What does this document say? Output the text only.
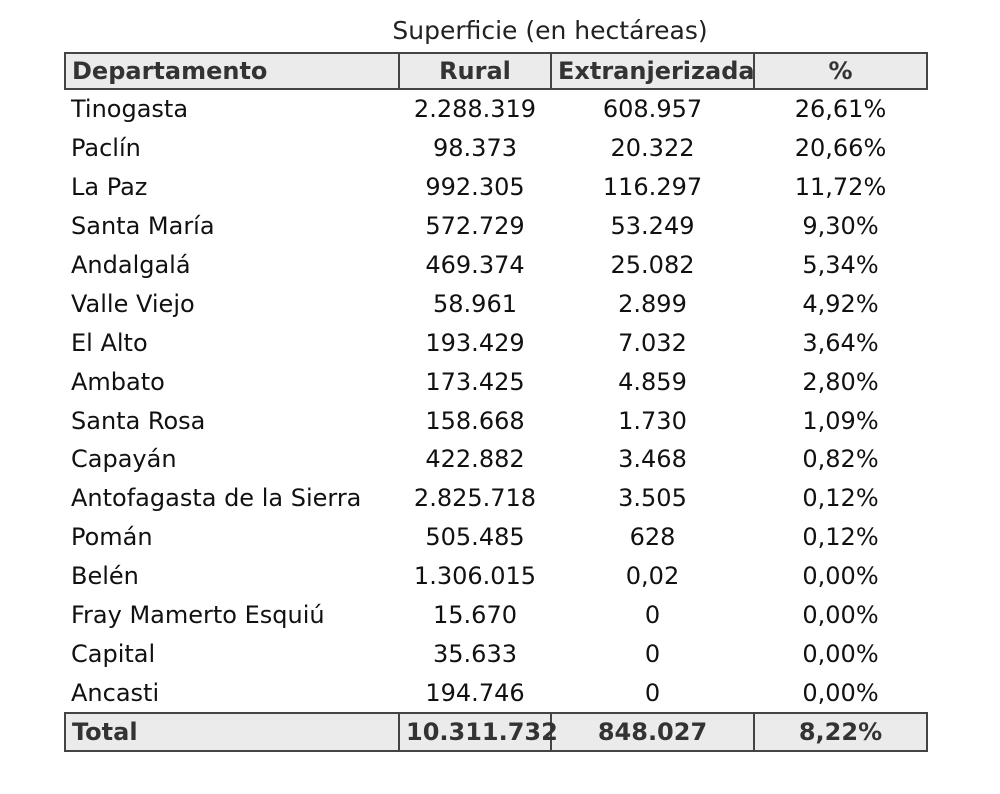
Superficie (en hectáreas)
Departamento	Rural	Extranjerizada	%
Tinogasta	2.288.319	608.957	26,61%
Paclín	98.373	20.322	20,66%
La Paz	992.305	116.297	11,72%
Santa María	572.729	53.249	9,30%
Andalgalá	469.374	25.082	5,34%
Valle Viejo	58.961	2.899	4,92%
El Alto	193.429	7.032	3,64%
Ambato	173.425	4.859	2,80%
Santa Rosa	158.668	1.730	1,09%
Capayán	422.882	3.468	0,82%
Antofagasta de la Sierra	2.825.718	3.505	0,12%
Pomán	505.485	628	0,12%
Belén	1.306.015	0,02	0,00%
Fray Mamerto Esquiú	15.670	0	0,00%
Capital	35.633	0	0,00%
Ancasti	194.746	0	0,00%
Total	10.311.732	848.027	8,22%
